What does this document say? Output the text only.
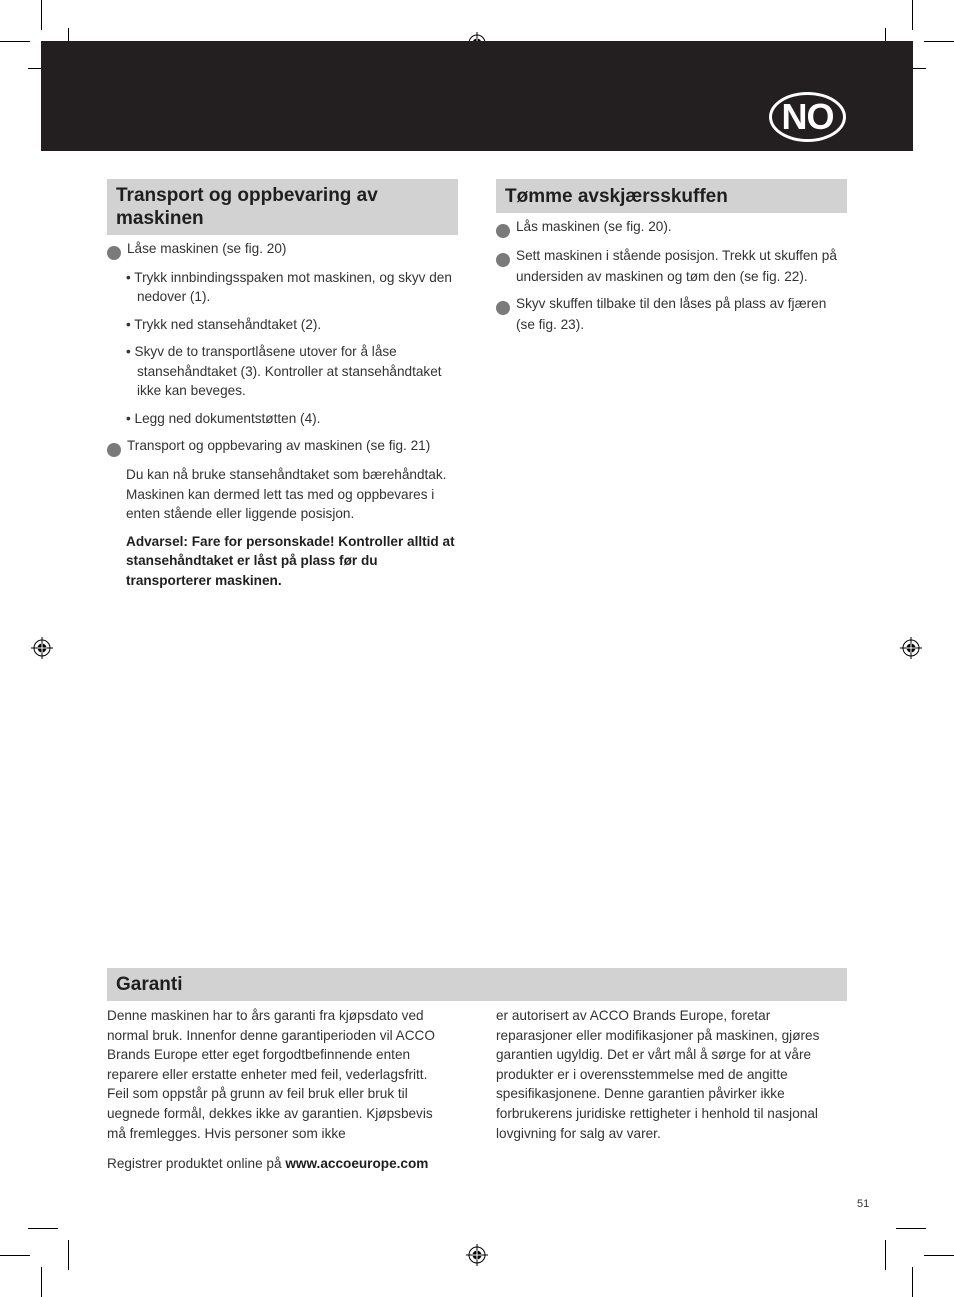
NO
Transport og oppbevaring av maskinen

1 Låse maskinen (se fig. 20)

• Trykk innbindingsspaken mot maskinen, og skyv den nedover (1).

• Trykk ned stansehåndtaket (2).

• Skyv de to transportlåsene utover for å låse stansehåndtaket (3). Kontroller at stansehåndtaket ikke kan beveges.

• Legg ned dokumentstøtten (4).

2 Transport og oppbevaring av maskinen (se fig. 21)

Du kan nå bruke stansehåndtaket som bærehåndtak. Maskinen kan dermed lett tas med og oppbevares i enten stående eller liggende posisjon.

Advarsel: Fare for personskade! Kontroller alltid at stansehåndtaket er låst på plass før du transporterer maskinen.

Tømme avskjærsskuffen

1 Lås maskinen (se fig. 20).

2 Sett maskinen i stående posisjon. Trekk ut skuffen på undersiden av maskinen og tøm den (se fig. 22).

3 Skyv skuffen tilbake til den låses på plass av fjæren (se fig. 23).

Garanti

Denne maskinen har to års garanti fra kjøpsdato ved normal bruk. Innenfor denne garantiperioden vil ACCO Brands Europe etter eget forgodtbefinnende enten reparere eller erstatte enheter med feil, vederlagsfritt. Feil som oppstår på grunn av feil bruk eller bruk til uegnede formål, dekkes ikke av garantien. Kjøpsbevis må fremlegges. Hvis personer som ikke

Registrer produktet online på www.accoeurope.com

er autorisert av ACCO Brands Europe, foretar reparasjoner eller modifikasjoner på maskinen, gjøres garantien ugyldig. Det er vårt mål å sørge for at våre produkter er i overensstemmelse med de angitte spesifikasjonene. Denne garantien påvirker ikke forbrukerens juridiske rettigheter i henhold til nasjonal lovgivning for salg av varer.

51
